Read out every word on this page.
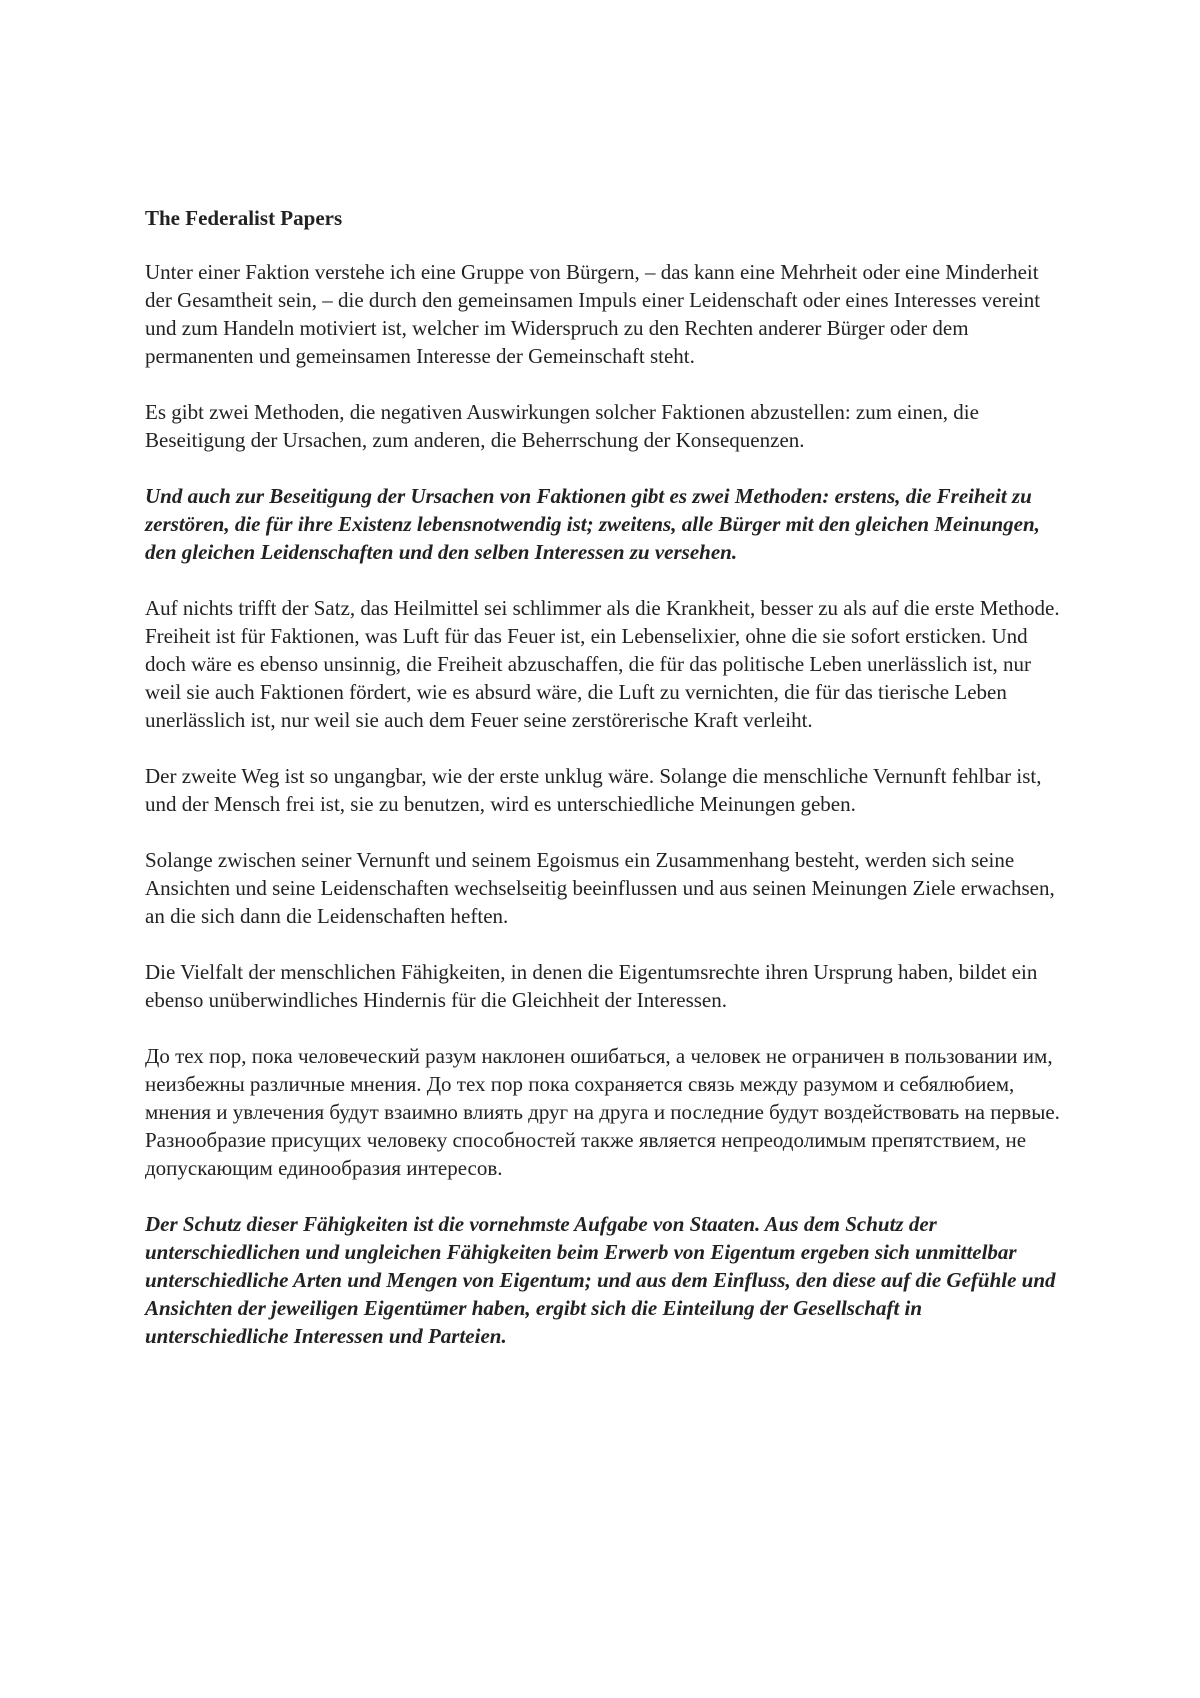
The Federalist Papers

Unter einer Faktion verstehe ich eine Gruppe von Bürgern, – das kann eine Mehrheit oder eine Minderheit der Gesamtheit sein, – die durch den gemeinsamen Impuls einer Leidenschaft oder eines Interesses vereint und zum Handeln motiviert ist, welcher im Widerspruch zu den Rechten anderer Bürger oder dem permanenten und gemeinsamen Interesse der Gemeinschaft steht.

Es gibt zwei Methoden, die negativen Auswirkungen solcher Faktionen abzustellen: zum einen, die Beseitigung der Ursachen, zum anderen, die Beherrschung der Konsequenzen.

Und auch zur Beseitigung der Ursachen von Faktionen gibt es zwei Methoden: erstens, die Freiheit zu zerstören, die für ihre Existenz lebensnotwendig ist; zweitens, alle Bürger mit den gleichen Meinungen, den gleichen Leidenschaften und den selben Interessen zu versehen.

Auf nichts trifft der Satz, das Heilmittel sei schlimmer als die Krankheit, besser zu als auf die erste Methode. Freiheit ist für Faktionen, was Luft für das Feuer ist, ein Lebenselixier, ohne die sie sofort ersticken. Und doch wäre es ebenso unsinnig, die Freiheit abzuschaffen, die für das politische Leben unerlässlich ist, nur weil sie auch Faktionen fördert, wie es absurd wäre, die Luft zu vernichten, die für das tierische Leben unerlässlich ist, nur weil sie auch dem Feuer seine zerstörerische Kraft verleiht.

Der zweite Weg ist so ungangbar, wie der erste unklug wäre. Solange die menschliche Vernunft fehlbar ist, und der Mensch frei ist, sie zu benutzen, wird es unterschiedliche Meinungen geben.

Solange zwischen seiner Vernunft und seinem Egoismus ein Zusammenhang besteht, werden sich seine Ansichten und seine Leidenschaften wechselseitig beeinflussen und aus seinen Meinungen Ziele erwachsen, an die sich dann die Leidenschaften heften.

Die Vielfalt der menschlichen Fähigkeiten, in denen die Eigentumsrechte ihren Ursprung haben, bildet ein ebenso unüberwindliches Hindernis für die Gleichheit der Interessen.

До тех пор, пока человеческий разум наклонен ошибаться, а человек не ограничен в пользовании им, неизбежны различные мнения. До тех пор пока сохраняется связь между разумом и себялюбием, мнения и увлечения будут взаимно влиять друг на друга и последние будут воздействовать на первые. Разнообразие присущих человеку способностей также является непреодолимым препятствием, не допускающим единообразия интересов.

Der Schutz dieser Fähigkeiten ist die vornehmste Aufgabe von Staaten. Aus dem Schutz der unterschiedlichen und ungleichen Fähigkeiten beim Erwerb von Eigentum ergeben sich unmittelbar unterschiedliche Arten und Mengen von Eigentum; und aus dem Einfluss, den diese auf die Gefühle und Ansichten der jeweiligen Eigentümer haben, ergibt sich die Einteilung der Gesellschaft in unterschiedliche Interessen und Parteien.
